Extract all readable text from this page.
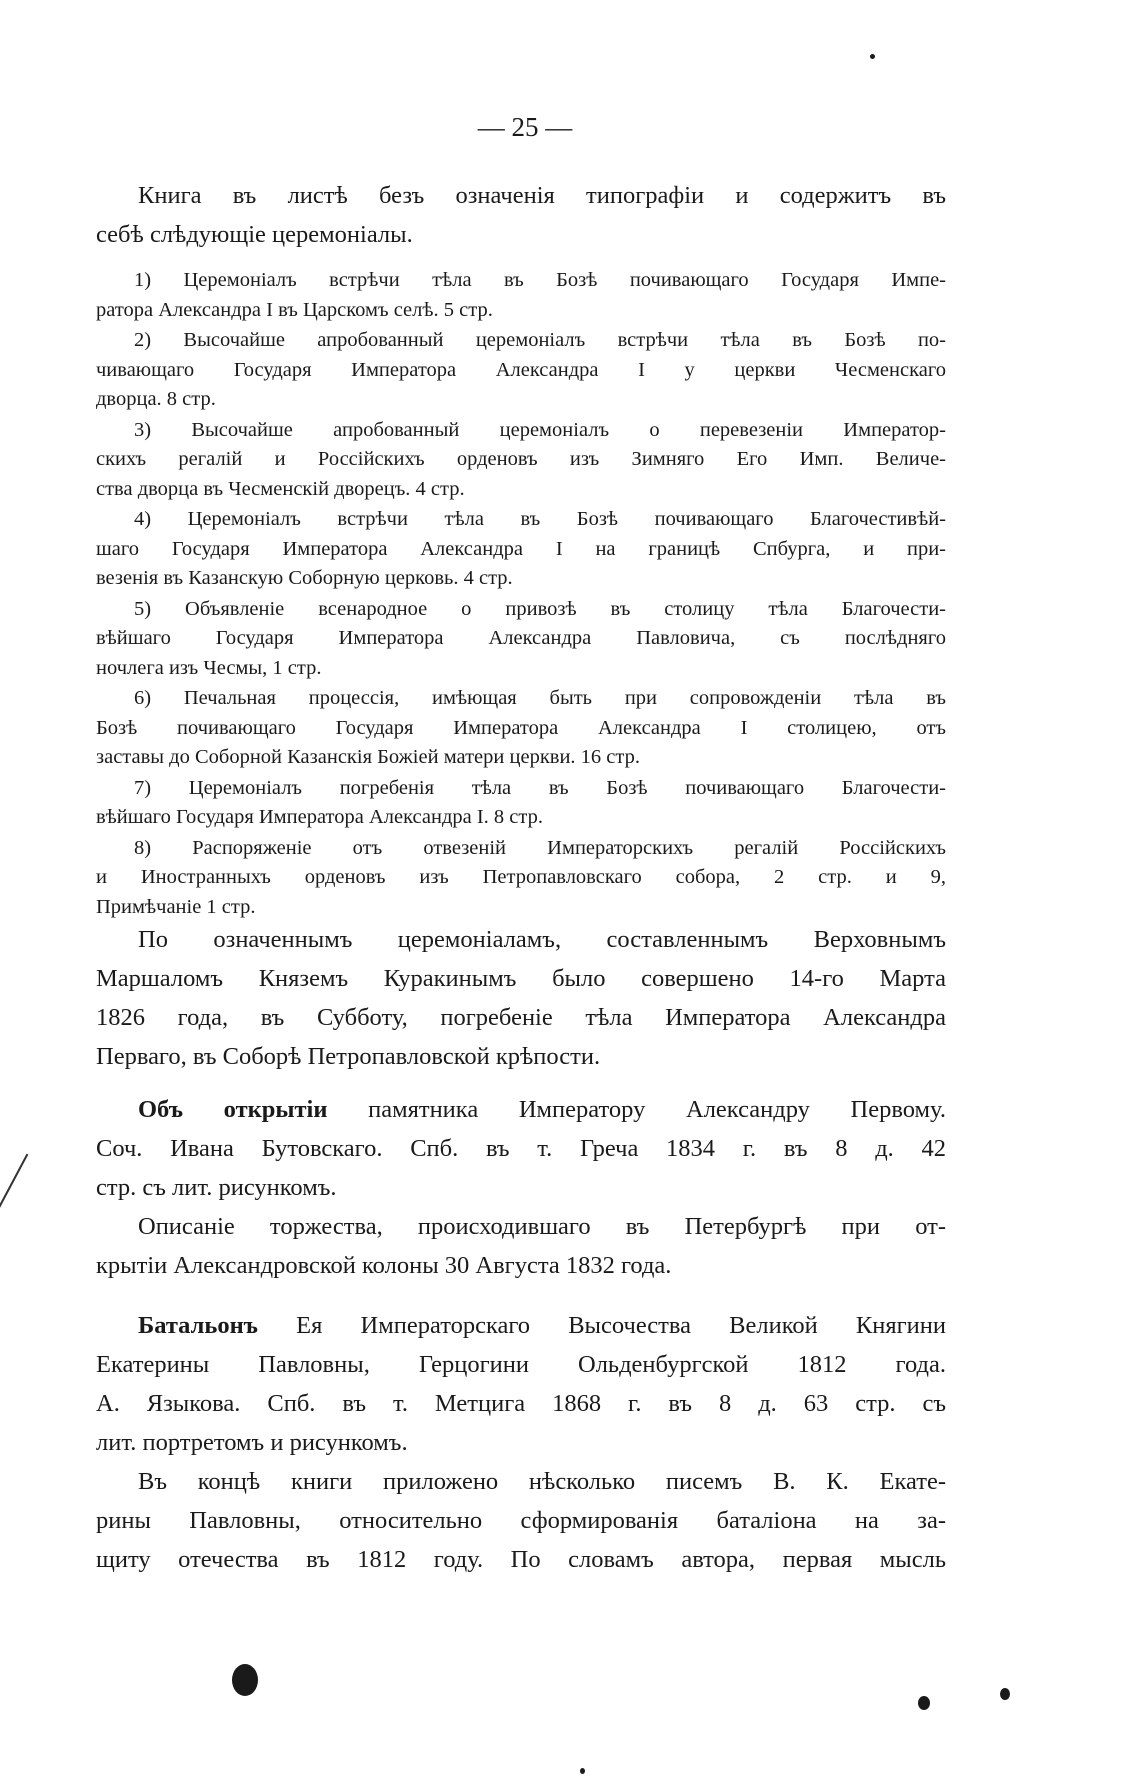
— 25 —
Книга въ листѣ безъ означенія типографіи и содержитъ въ
себѣ слѣдующіе церемоніалы.
1) Церемоніалъ встрѣчи тѣла въ Бозѣ почивающаго Государя Импе-
ратора Александра I въ Царскомъ селѣ. 5 стр.
2) Высочайше апробованный церемоніалъ встрѣчи тѣла въ Бозѣ по-
чивающаго Государя Императора Александра I у церкви Чесменскаго
дворца. 8 стр.
3) Высочайше апробованный церемоніалъ о перевезеніи Император-
скихъ регалій и Россійскихъ орденовъ изъ Зимняго Его Имп. Величе-
ства дворца въ Чесменскій дворецъ. 4 стр.
4) Церемоніалъ встрѣчи тѣла въ Бозѣ почивающаго Благочестивѣй-
шаго Государя Императора Александра I на границѣ Спбурга, и при-
везенія въ Казанскую Соборную церковь. 4 стр.
5) Объявленіе всенародное о привозѣ въ столицу тѣла Благочести-
вѣйшаго Государя Императора Александра Павловича, съ послѣдняго
ночлега изъ Чесмы, 1 стр.
6) Печальная процессія, имѣющая быть при сопровожденіи тѣла въ
Бозѣ почивающаго Государя Императора Александра I столицею, отъ
заставы до Соборной Казанскія Божіей матери церкви. 16 стр.
7) Церемоніалъ погребенія тѣла въ Бозѣ почивающаго Благочести-
вѣйшаго Государя Императора Александра I. 8 стр.
8) Распоряженіе отъ отвезеній Императорскихъ регалій Россійскихъ
и Иностранныхъ орденовъ изъ Петропавловскаго собора, 2 стр. и 9,
Примѣчаніе 1 стр.
По означеннымъ церемоніаламъ, составленнымъ Верховнымъ
Маршаломъ Княземъ Куракинымъ было совершено 14-го Марта
1826 года, въ Субботу, погребеніе тѣла Императора Александра
Перваго, въ Соборѣ Петропавловской крѣпости.
Объ открытіи памятника Императору Александру Первому.
Соч. Ивана Бутовскаго. Спб. въ т. Греча 1834 г. въ 8 д. 42
стр. съ лит. рисункомъ.
Описаніе торжества, происходившаго въ Петербургѣ при от-
крытіи Александровской колоны 30 Августа 1832 года.
Батальонъ Ея Императорскаго Высочества Великой Княгини
Екатерины Павловны, Герцогини Ольденбургской 1812 года.
А. Языкова. Спб. въ т. Метцига 1868 г. въ 8 д. 63 стр. съ
лит. портретомъ и рисункомъ.
Въ концѣ книги приложено нѣсколько писемъ В. К. Екате-
рины Павловны, относительно сформированія баталіона на за-
щиту отечества въ 1812 году. По словамъ автора, первая мысль
